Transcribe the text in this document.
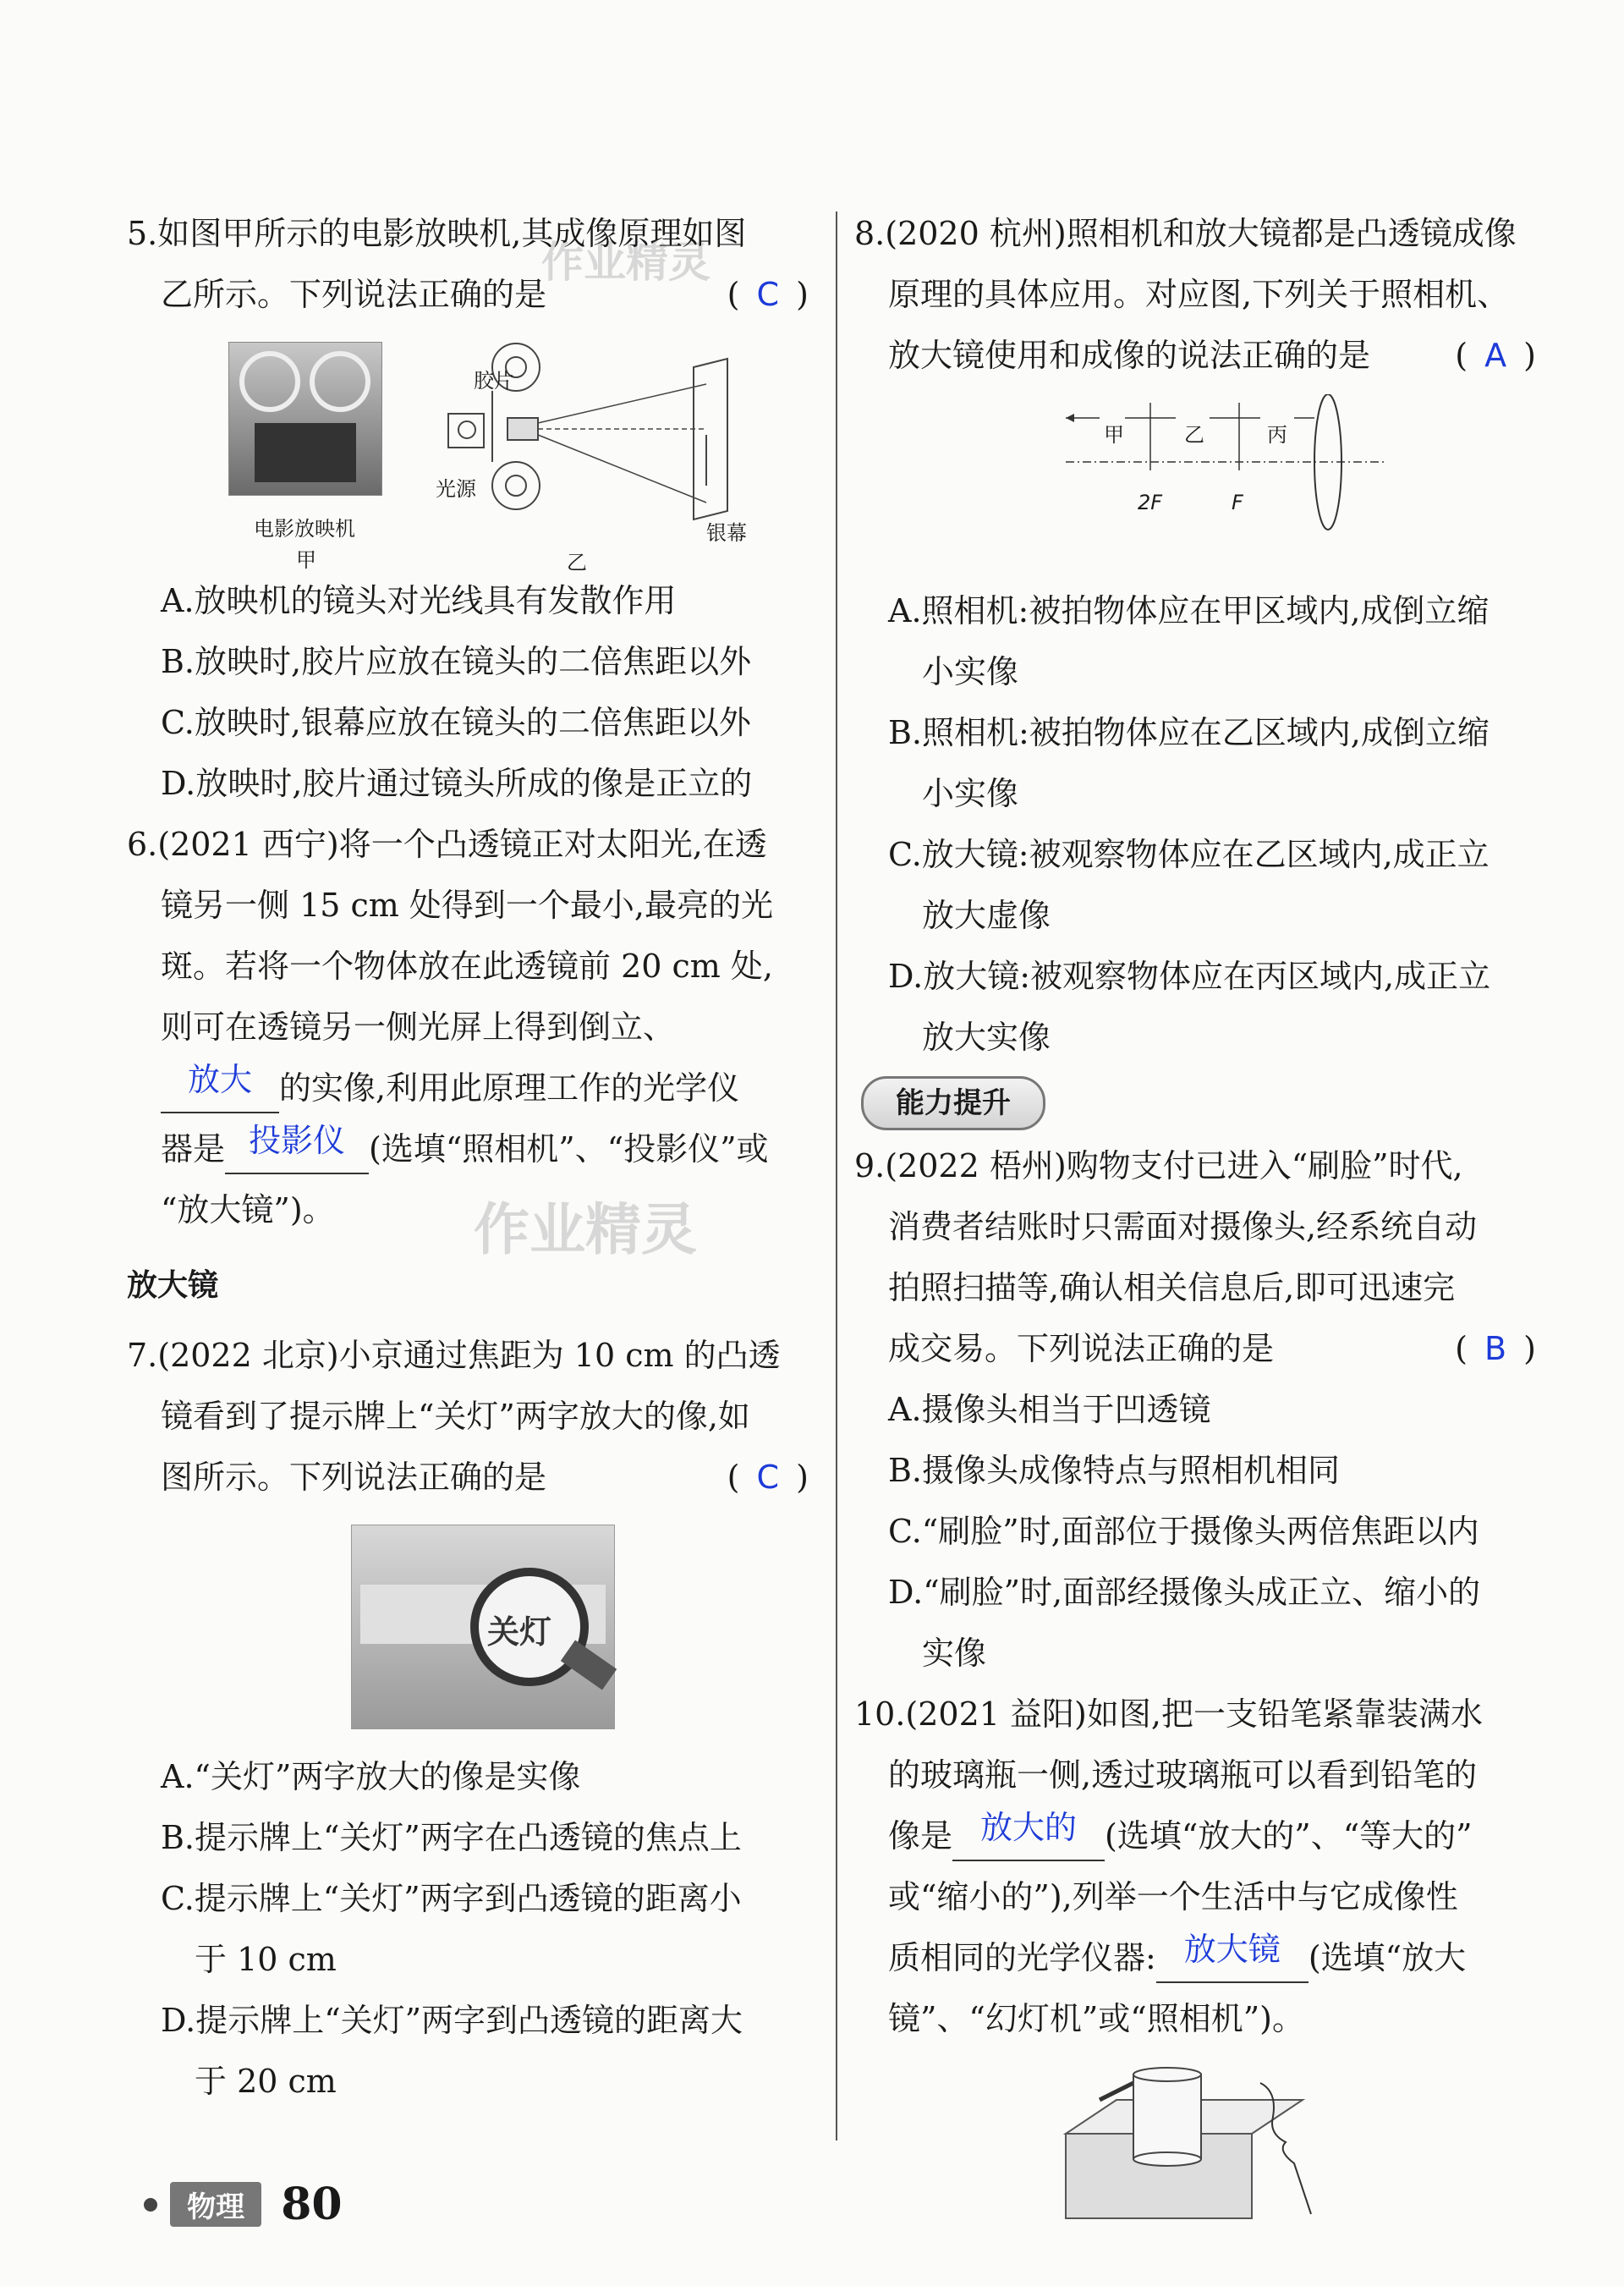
作业精灵
作业精灵
5.如图甲所示的电影放映机,其成像原理如图
乙所示。下列说法正确的是	( C )
电影放映机
甲
胶片
光源
银幕
乙
A.放映机的镜头对光线具有发散作用
B.放映时,胶片应放在镜头的二倍焦距以外
C.放映时,银幕应放在镜头的二倍焦距以外
D.放映时,胶片通过镜头所成的像是正立的
6.(2021 西宁)将一个凸透镜正对太阳光,在透
镜另一侧 15 cm 处得到一个最小,最亮的光
斑。若将一个物体放在此透镜前 20 cm 处,
则可在透镜另一侧光屏上得到倒立、
放大 的实像,利用此原理工作的光学仪
器是 投影仪 (选填“照相机”、“投影仪”或
“放大镜”)。
放大镜
7.(2022 北京)小京通过焦距为 10 cm 的凸透
镜看到了提示牌上“关灯”两字放大的像,如
图所示。下列说法正确的是	( C )
关灯
A.“关灯”两字放大的像是实像
B.提示牌上“关灯”两字在凸透镜的焦点上
C.提示牌上“关灯”两字到凸透镜的距离小
于 10 cm
D.提示牌上“关灯”两字到凸透镜的距离大
于 20 cm
8.(2020 杭州)照相机和放大镜都是凸透镜成像
原理的具体应用。对应图,下列关于照相机、
放大镜使用和成像的说法正确的是	( A )
甲	乙	丙
2F	F
A.照相机:被拍物体应在甲区域内,成倒立缩
小实像
B.照相机:被拍物体应在乙区域内,成倒立缩
小实像
C.放大镜:被观察物体应在乙区域内,成正立
放大虚像
D.放大镜:被观察物体应在丙区域内,成正立
放大实像
能力提升
9.(2022 梧州)购物支付已进入“刷脸”时代,
消费者结账时只需面对摄像头,经系统自动
拍照扫描等,确认相关信息后,即可迅速完
成交易。下列说法正确的是	( B )
A.摄像头相当于凹透镜
B.摄像头成像特点与照相机相同
C.“刷脸”时,面部位于摄像头两倍焦距以内
D.“刷脸”时,面部经摄像头成正立、缩小的
实像
10.(2021 益阳)如图,把一支铅笔紧靠装满水
的玻璃瓶一侧,透过玻璃瓶可以看到铅笔的
像是 放大的 (选填“放大的”、“等大的”
或“缩小的”),列举一个生活中与它成像性
质相同的光学仪器: 放大镜 (选填“放大
镜”、“幻灯机”或“照相机”)。
物理 80
